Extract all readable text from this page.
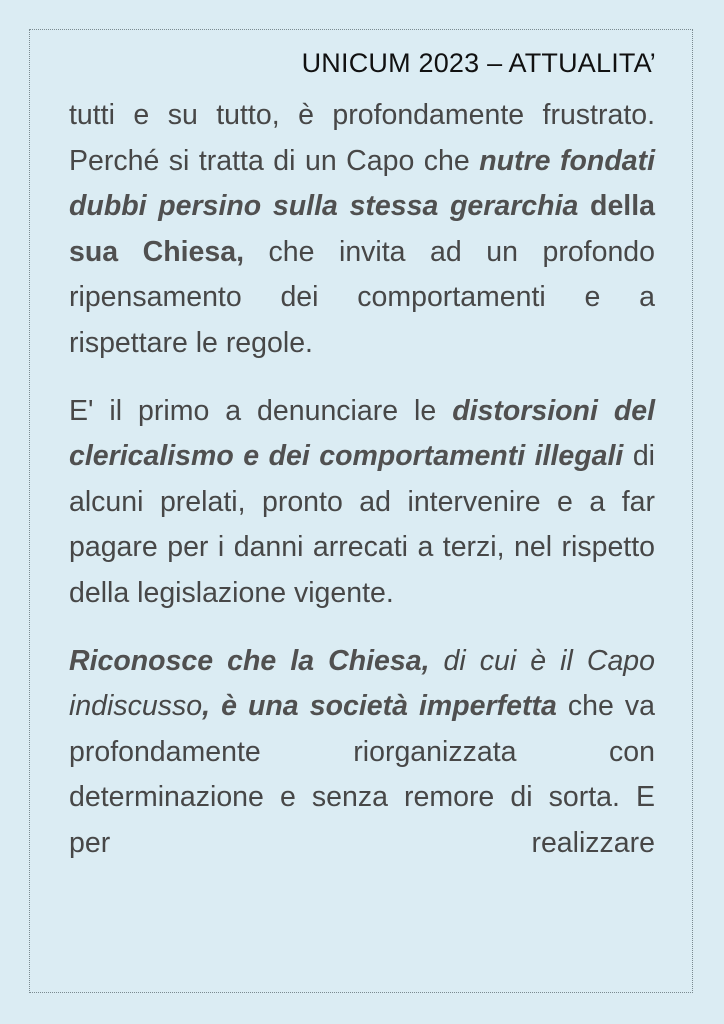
UNICUM 2023 – ATTUALITA’

tutti e su tutto, è profondamente frustrato. Perché si tratta di un Capo che nutre fondati dubbi persino sulla stessa gerarchia della sua Chiesa, che invita ad un profondo ripensamento dei comportamenti e a rispettare le regole.

E' il primo a denunciare le distorsioni del clericalismo e dei comportamenti illegali di alcuni prelati, pronto ad intervenire e a far pagare per i danni arrecati a terzi, nel rispetto della legislazione vigente.

Riconosce che la Chiesa, di cui è il Capo indiscusso, è una società imperfetta che va profondamente riorganizzata con determinazione e senza remore di sorta. E per realizzare
